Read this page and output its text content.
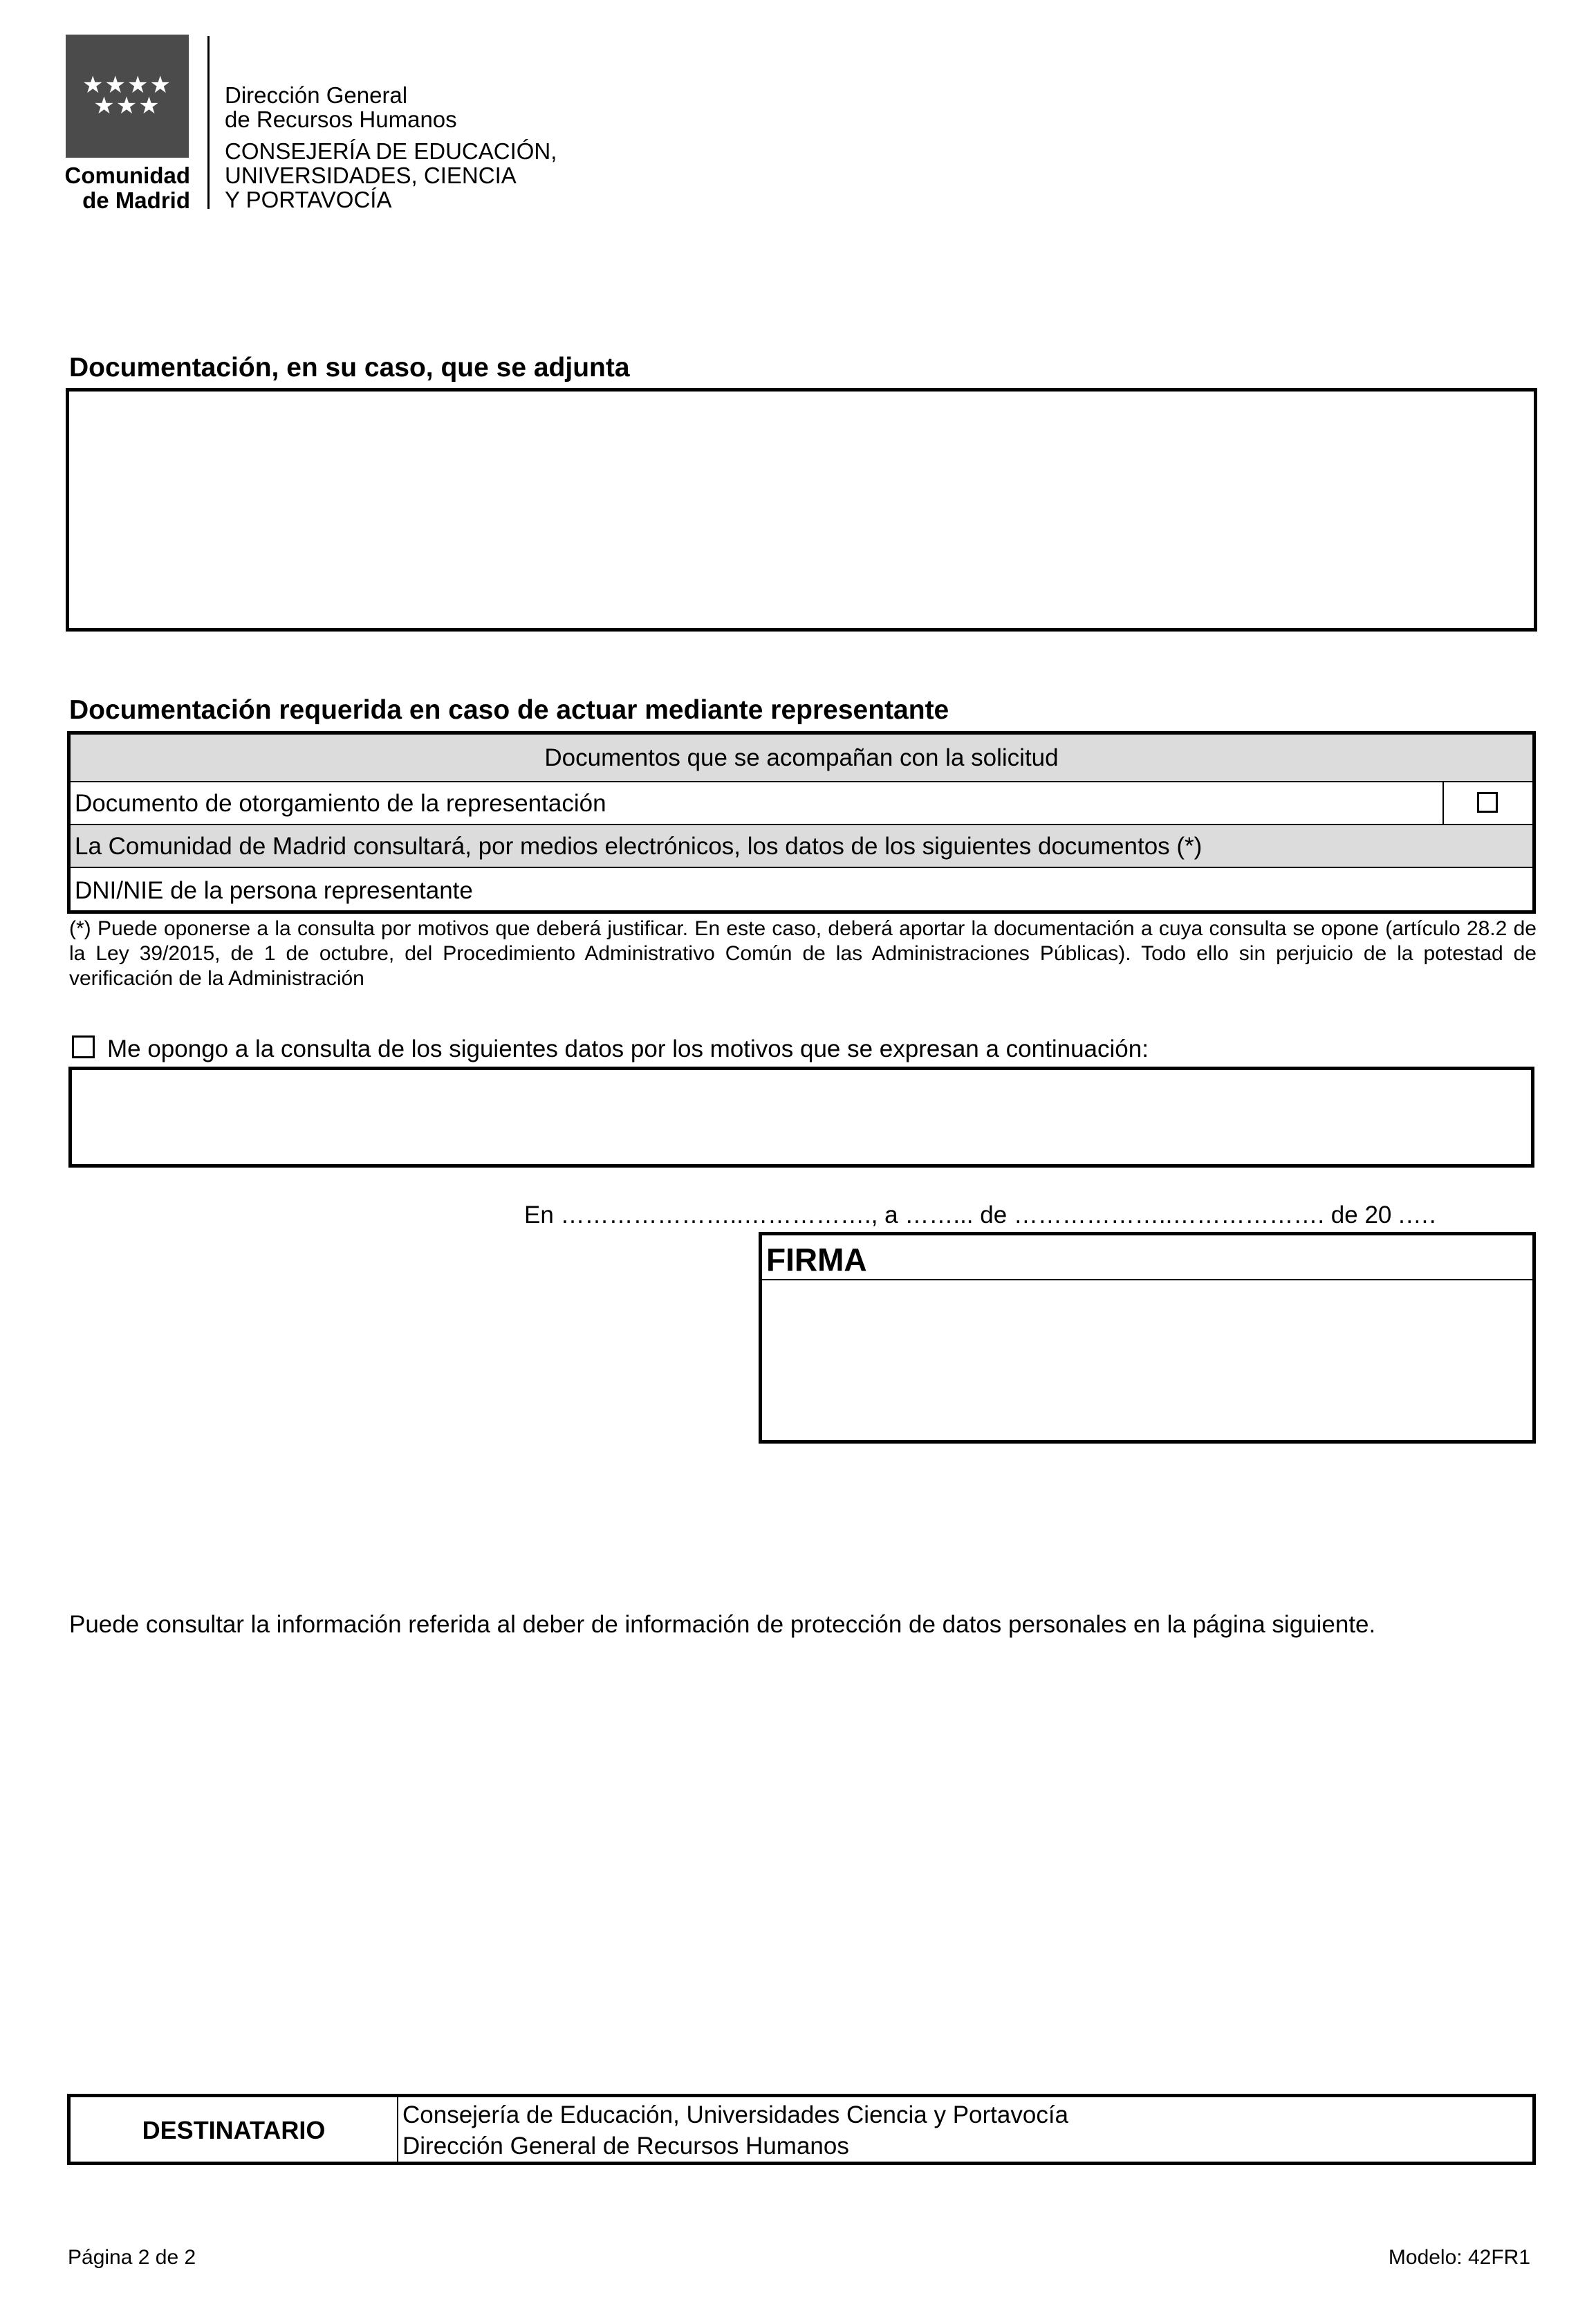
★★★★
★★★
Comunidad
de Madrid
Dirección General
de Recursos Humanos
CONSEJERÍA DE EDUCACIÓN,
UNIVERSIDADES, CIENCIA
Y PORTAVOCÍA
Documentación, en su caso, que se adjunta
Documentación requerida en caso de actuar mediante representante
Documentos que se acompañan con la solicitud
Documento de otorgamiento de la representación
La Comunidad de Madrid consultará, por medios electrónicos, los datos de los siguientes documentos (*)
DNI/NIE de la persona representante
(*) Puede oponerse a la consulta por motivos que deberá justificar. En este caso, deberá aportar la documentación a cuya consulta se opone (artículo 28.2 de la Ley 39/2015, de 1 de octubre, del Procedimiento Administrativo Común de las Administraciones Públicas). Todo ello sin perjuicio de la potestad de verificación de la Administración
Me opongo a la consulta de los siguientes datos por los motivos que se expresan a continuación:
En …………………..……………., a ……... de ………………..………………. de 20 .….
FIRMA
Puede consultar la información referida al deber de información de protección de datos personales en la página siguiente.
DESTINATARIO
Consejería de Educación, Universidades Ciencia y Portavocía
Dirección General de Recursos Humanos
Página 2 de 2	Modelo: 42FR1
